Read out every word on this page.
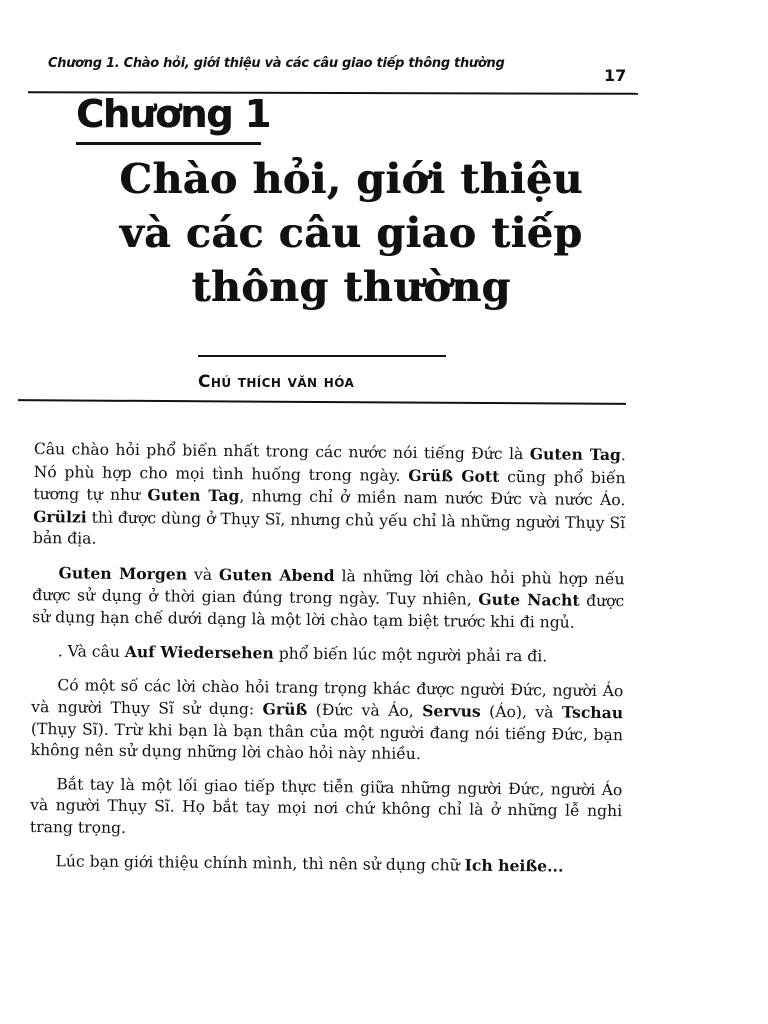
Chương 1. Chào hỏi, giới thiệu và các câu giao tiếp thông thường
17
Chương 1
Chào hỏi, giới thiệu
và các câu giao tiếp
thông thường
Chú thích văn hóa

Câu chào hỏi phổ biến nhất trong các nước nói tiếng Đức là Guten Tag. Nó phù hợp cho mọi tình huống trong ngày. Grüß Gott cũng phổ biến tương tự như Guten Tag, nhưng chỉ ở miền nam nước Đức và nước Áo. Grülzi thì được dùng ở Thụy Sĩ, nhưng chủ yếu chỉ là những người Thụy Sĩ bản địa.

Guten Morgen và Guten Abend là những lời chào hỏi phù hợp nếu được sử dụng ở thời gian đúng trong ngày. Tuy nhiên, Gute Nacht được sử dụng hạn chế dưới dạng là một lời chào tạm biệt trước khi đi ngủ.

. Và câu Auf Wiedersehen phổ biến lúc một người phải ra đi.

Có một số các lời chào hỏi trang trọng khác được người Đức, người Áo và người Thụy Sĩ sử dụng: Grüß (Đức và Áo, Servus (Áo), và Tschau (Thụy Sĩ). Trừ khi bạn là bạn thân của một người đang nói tiếng Đức, bạn không nên sử dụng những lời chào hỏi này nhiều.

Bắt tay là một lối giao tiếp thực tiễn giữa những người Đức, người Áo và người Thụy Sĩ. Họ bắt tay mọi nơi chứ không chỉ là ở những lễ nghi trang trọng.

Lúc bạn giới thiệu chính mình, thì nên sử dụng chữ Ich heiße...
